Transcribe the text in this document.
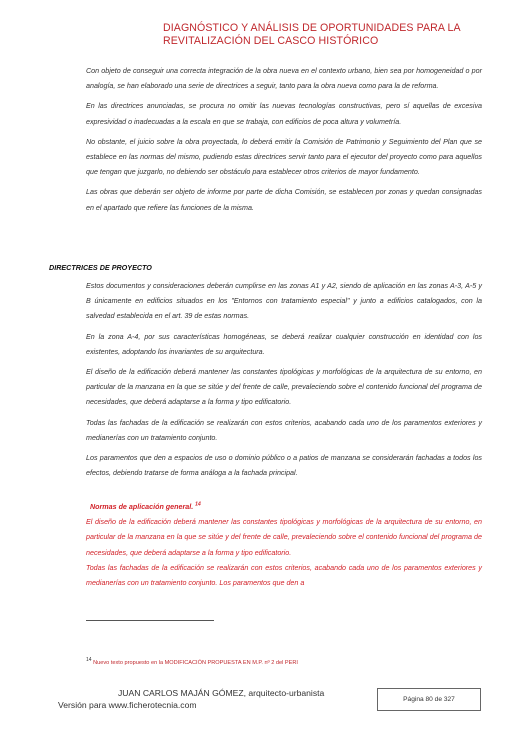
DIAGNÓSTICO Y ANÁLISIS DE OPORTUNIDADES PARA LA
REVITALIZACIÓN DEL CASCO HISTÓRICO

Con objeto de conseguir una correcta integración de la obra nueva en el contexto urbano, bien sea por homogeneidad o por analogía, se han elaborado una serie de directrices a seguir, tanto para la obra nueva como para la de reforma.

En las directrices anunciadas, se procura no omitir las nuevas tecnologías constructivas, pero sí aquellas de excesiva expresividad o inadecuadas a la escala en que se trabaja, con edificios de poca altura y volumetría.

No obstante, el juicio sobre la obra proyectada, lo deberá emitir la Comisión de Patrimonio y Seguimiento del Plan que se establece en las normas del mismo, pudiendo estas directrices servir tanto para el ejecutor del proyecto como para aquellos que tengan que juzgarlo, no debiendo ser obstáculo para establecer otros criterios de mayor fundamento.

Las obras que deberán ser objeto de informe por parte de dicha Comisión, se establecen por zonas y quedan consignadas en el apartado que refiere las funciones de la misma.

DIRECTRICES DE PROYECTO

Estos documentos y consideraciones deberán cumplirse en las zonas A1 y A2, siendo de aplicación en las zonas A-3, A-5 y B únicamente en edificios situados en los "Entornos con tratamiento especial" y junto a edificios catalogados, con la salvedad establecida en el art. 39 de estas normas.

En la zona A-4, por sus características homogéneas, se deberá realizar cualquier construcción en identidad con los existentes, adoptando los invariantes de su arquitectura.

El diseño de la edificación deberá mantener las constantes tipológicas y morfológicas de la arquitectura de su entorno, en particular de la manzana en la que se sitúe y del frente de calle, prevaleciendo sobre el contenido funcional del programa de necesidades, que deberá adaptarse a la forma y tipo edificatorio.

Todas las fachadas de la edificación se realizarán con estos criterios, acabando cada uno de los paramentos exteriores y medianerías con un tratamiento conjunto.

Los paramentos que den a espacios de uso o dominio público o a patios de manzana se considerarán fachadas a todos los efectos, debiendo tratarse de forma análoga a la fachada principal.

Normas de aplicación general. $^{14}$

El diseño de la edificación deberá mantener las constantes tipológicas y morfológicas de la arquitectura de su entorno, en particular de la manzana en la que se sitúe y del frente de calle, prevaleciendo sobre el contenido funcional del programa de necesidades, que deberá adaptarse a la forma y tipo edificatorio.

Todas las fachadas de la edificación se realizarán con estos criterios, acabando cada uno de los paramentos exteriores y medianerías con un tratamiento conjunto. Los paramentos que den a

$^{14}$ Nuevo texto propuesto en la MODIFICACIÓN PROPUESTA EN M.P. nº 2 del PERI
JUAN CARLOS MAJÁN GÓMEZ, arquitecto-urbanista
Versión para www.ficherotecnia.com
Página 80 de 327
